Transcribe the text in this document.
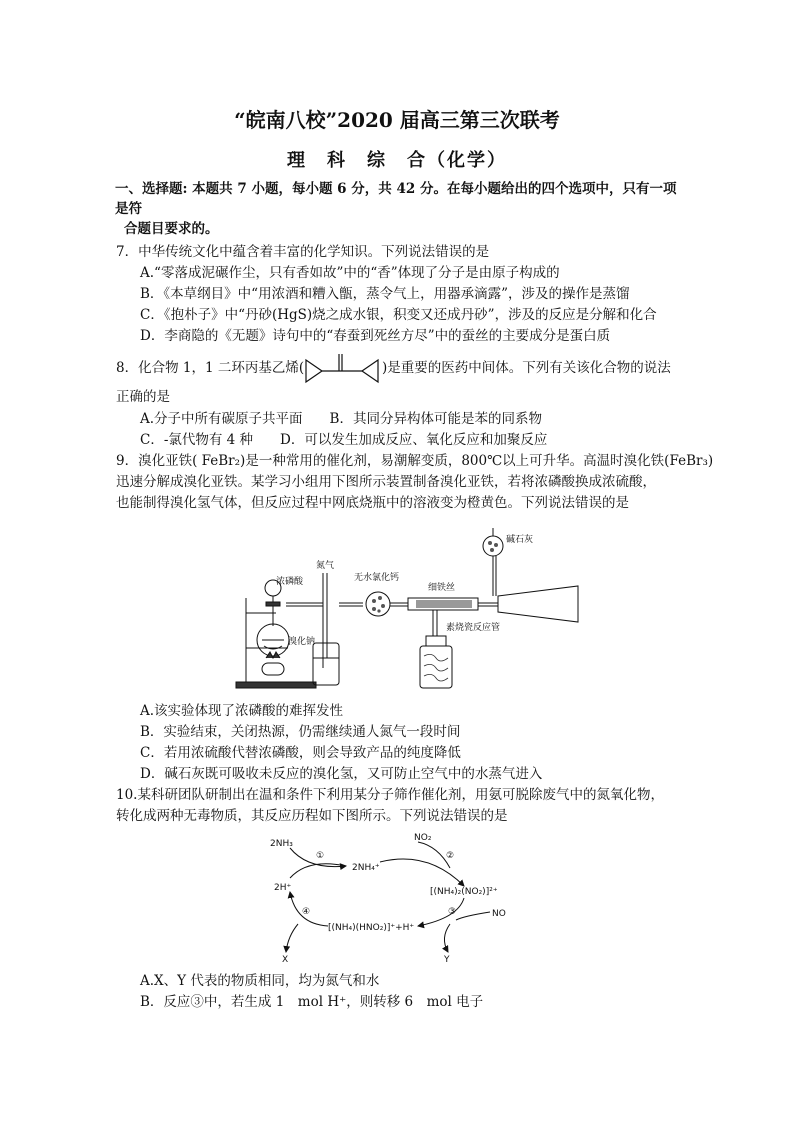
“皖南八校”2020 届高三第三次联考
理　科　综　合（化学）
一、选择题: 本题共 7 小题，每小题 6 分，共 42 分。在每小题给出的四个选项中，只有一项
是符
合题目要求的。
7．中华传统文化中蕴含着丰富的化学知识。下列说法错误的是
A.“零落成泥碾作尘，只有香如故”中的“香”体现了分子是由原子构成的
B．《本草纲目》中“用浓酒和糟入甑，蒸令气上，用器承滴露”，涉及的操作是蒸馏
C．《抱朴子》中“丹砂(HgS)烧之成水银，积变又还成丹砂”，涉及的反应是分解和化合
D．李商隐的《无题》诗句中的“春蚕到死丝方尽”中的蚕丝的主要成分是蛋白质
8．化合物 1，1 二环丙基乙烯(	)是重要的医药中间体。下列有关该化合物的说法
正确的是
A.分子中所有碳原子共平面　　B．其同分异构体可能是苯的同系物
C．-氯代物有 4 种　　D．可以发生加成反应、氧化反应和加聚反应
9．溴化亚铁( FeBr₂)是一种常用的催化剂，易潮解变质，800℃以上可升华。高温时溴化铁(FeBr₃)
迅速分解成溴化亚铁。某学习小组用下图所示装置制备溴化亚铁，若将浓磷酸换成浓硫酸，
也能制得溴化氢气体，但反应过程中网底烧瓶中的溶液变为橙黄色。下列说法错误的是
浓磷酸
氮气
无水氯化钙
细铁丝
素烧瓷反应管
碱石灰
溴化钠
A.该实验体现了浓磷酸的难挥发性
B．实验结束，关闭热源，仍需继续通人氮气一段时间
C．若用浓硫酸代替浓磷酸，则会导致产品的纯度降低
D．碱石灰既可吸收未反应的溴化氢，又可防止空气中的水蒸气进入
10.某科研团队研制出在温和条件下利用某分子筛作催化剂，用氨可脱除废气中的氮氧化物，
转化成两种无毒物质，其反应历程如下图所示。下列说法错误的是
2NH₃
2NH₄⁺
NO₂
2H⁺	[(NH₄)₂(NO₂)]²⁺
[(NH₄)(HNO₂)]⁺+H⁺
NO
X	Y
①	②
③
④
A.X、Y 代表的物质相同，均为氮气和水
B．反应③中，若生成 1　mol H⁺，则转移 6　mol 电子
